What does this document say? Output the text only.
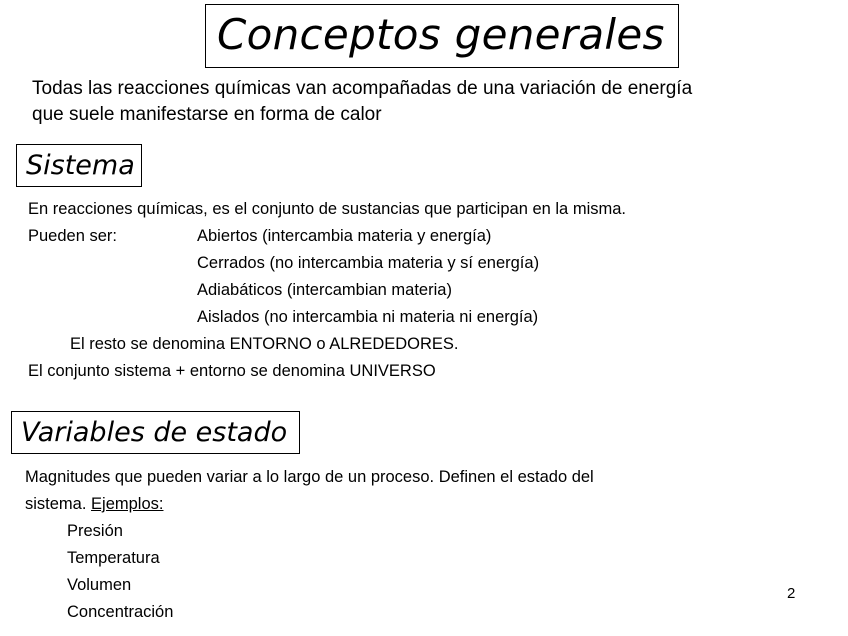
Conceptos generales
Todas las reacciones químicas van acompañadas de una variación de energía
que suele manifestarse en forma de calor
Sistema
En reacciones químicas, es el conjunto de sustancias que participan en la misma.
Pueden ser:	Abiertos (intercambia materia y energía)
Cerrados (no intercambia materia y sí energía)
Adiabáticos (intercambian materia)
Aislados (no intercambia ni materia ni energía)
El resto se denomina ENTORNO o ALREDEDORES.
El conjunto sistema + entorno se denomina UNIVERSO
Variables de estado
Magnitudes que pueden variar a lo largo de un proceso. Definen el estado del
sistema. Ejemplos:
Presión
Temperatura
Volumen
Concentración
2
